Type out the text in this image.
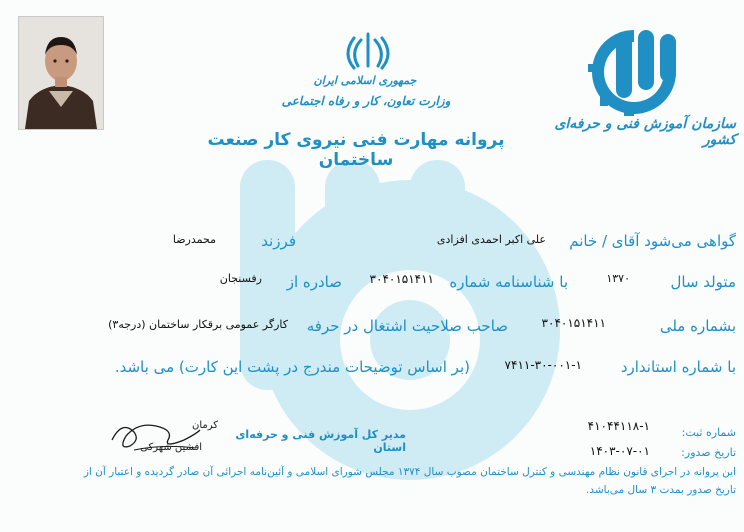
جمهوری اسلامی ایران
وزارت تعاون، کار و رفاه اجتماعی
سازمان آموزش فنی و حرفه‌ای کشور
پروانه مهارت فنی نیروی کار صنعت ساختمان
گواهی می‌شود آقای / خانم
علی اکبر احمدی افزادی
فرزند
محمدرضا
متولد سال
۱۳۷۰
با شناسنامه شماره
۳۰۴۰۱۵۱۴۱۱
صادره از
رفسنجان
بشماره ملی
۳۰۴۰۱۵۱۴۱۱
صاحب صلاحیت اشتغال در حرفه
کارگر عمومی برقکار ساختمان (درجه۳)
با شماره استاندارد
۷۴۱۱-۳۰-۰۰۱-۱
(بر اساس توضیحات مندرج در پشت این کارت) می باشد.
مدیر کل آموزش فنی و حرفه‌ای استان
کرمان
افشین شهرکی
شماره ثبت:
۴۱۰۴۴۱۱۸-۱
تاریخ صدور:
۱۴۰۳-۰۷-۰۱
این پروانه در اجرای قانون نظام مهندسی و کنترل ساختمان مصوب سال ۱۳۷۴ مجلس شورای اسلامی و آئین‌نامه اجرائی آن صادر گردیده و اعتبار آن از
تاریخ صدور بمدت ۳ سال می‌باشد.
